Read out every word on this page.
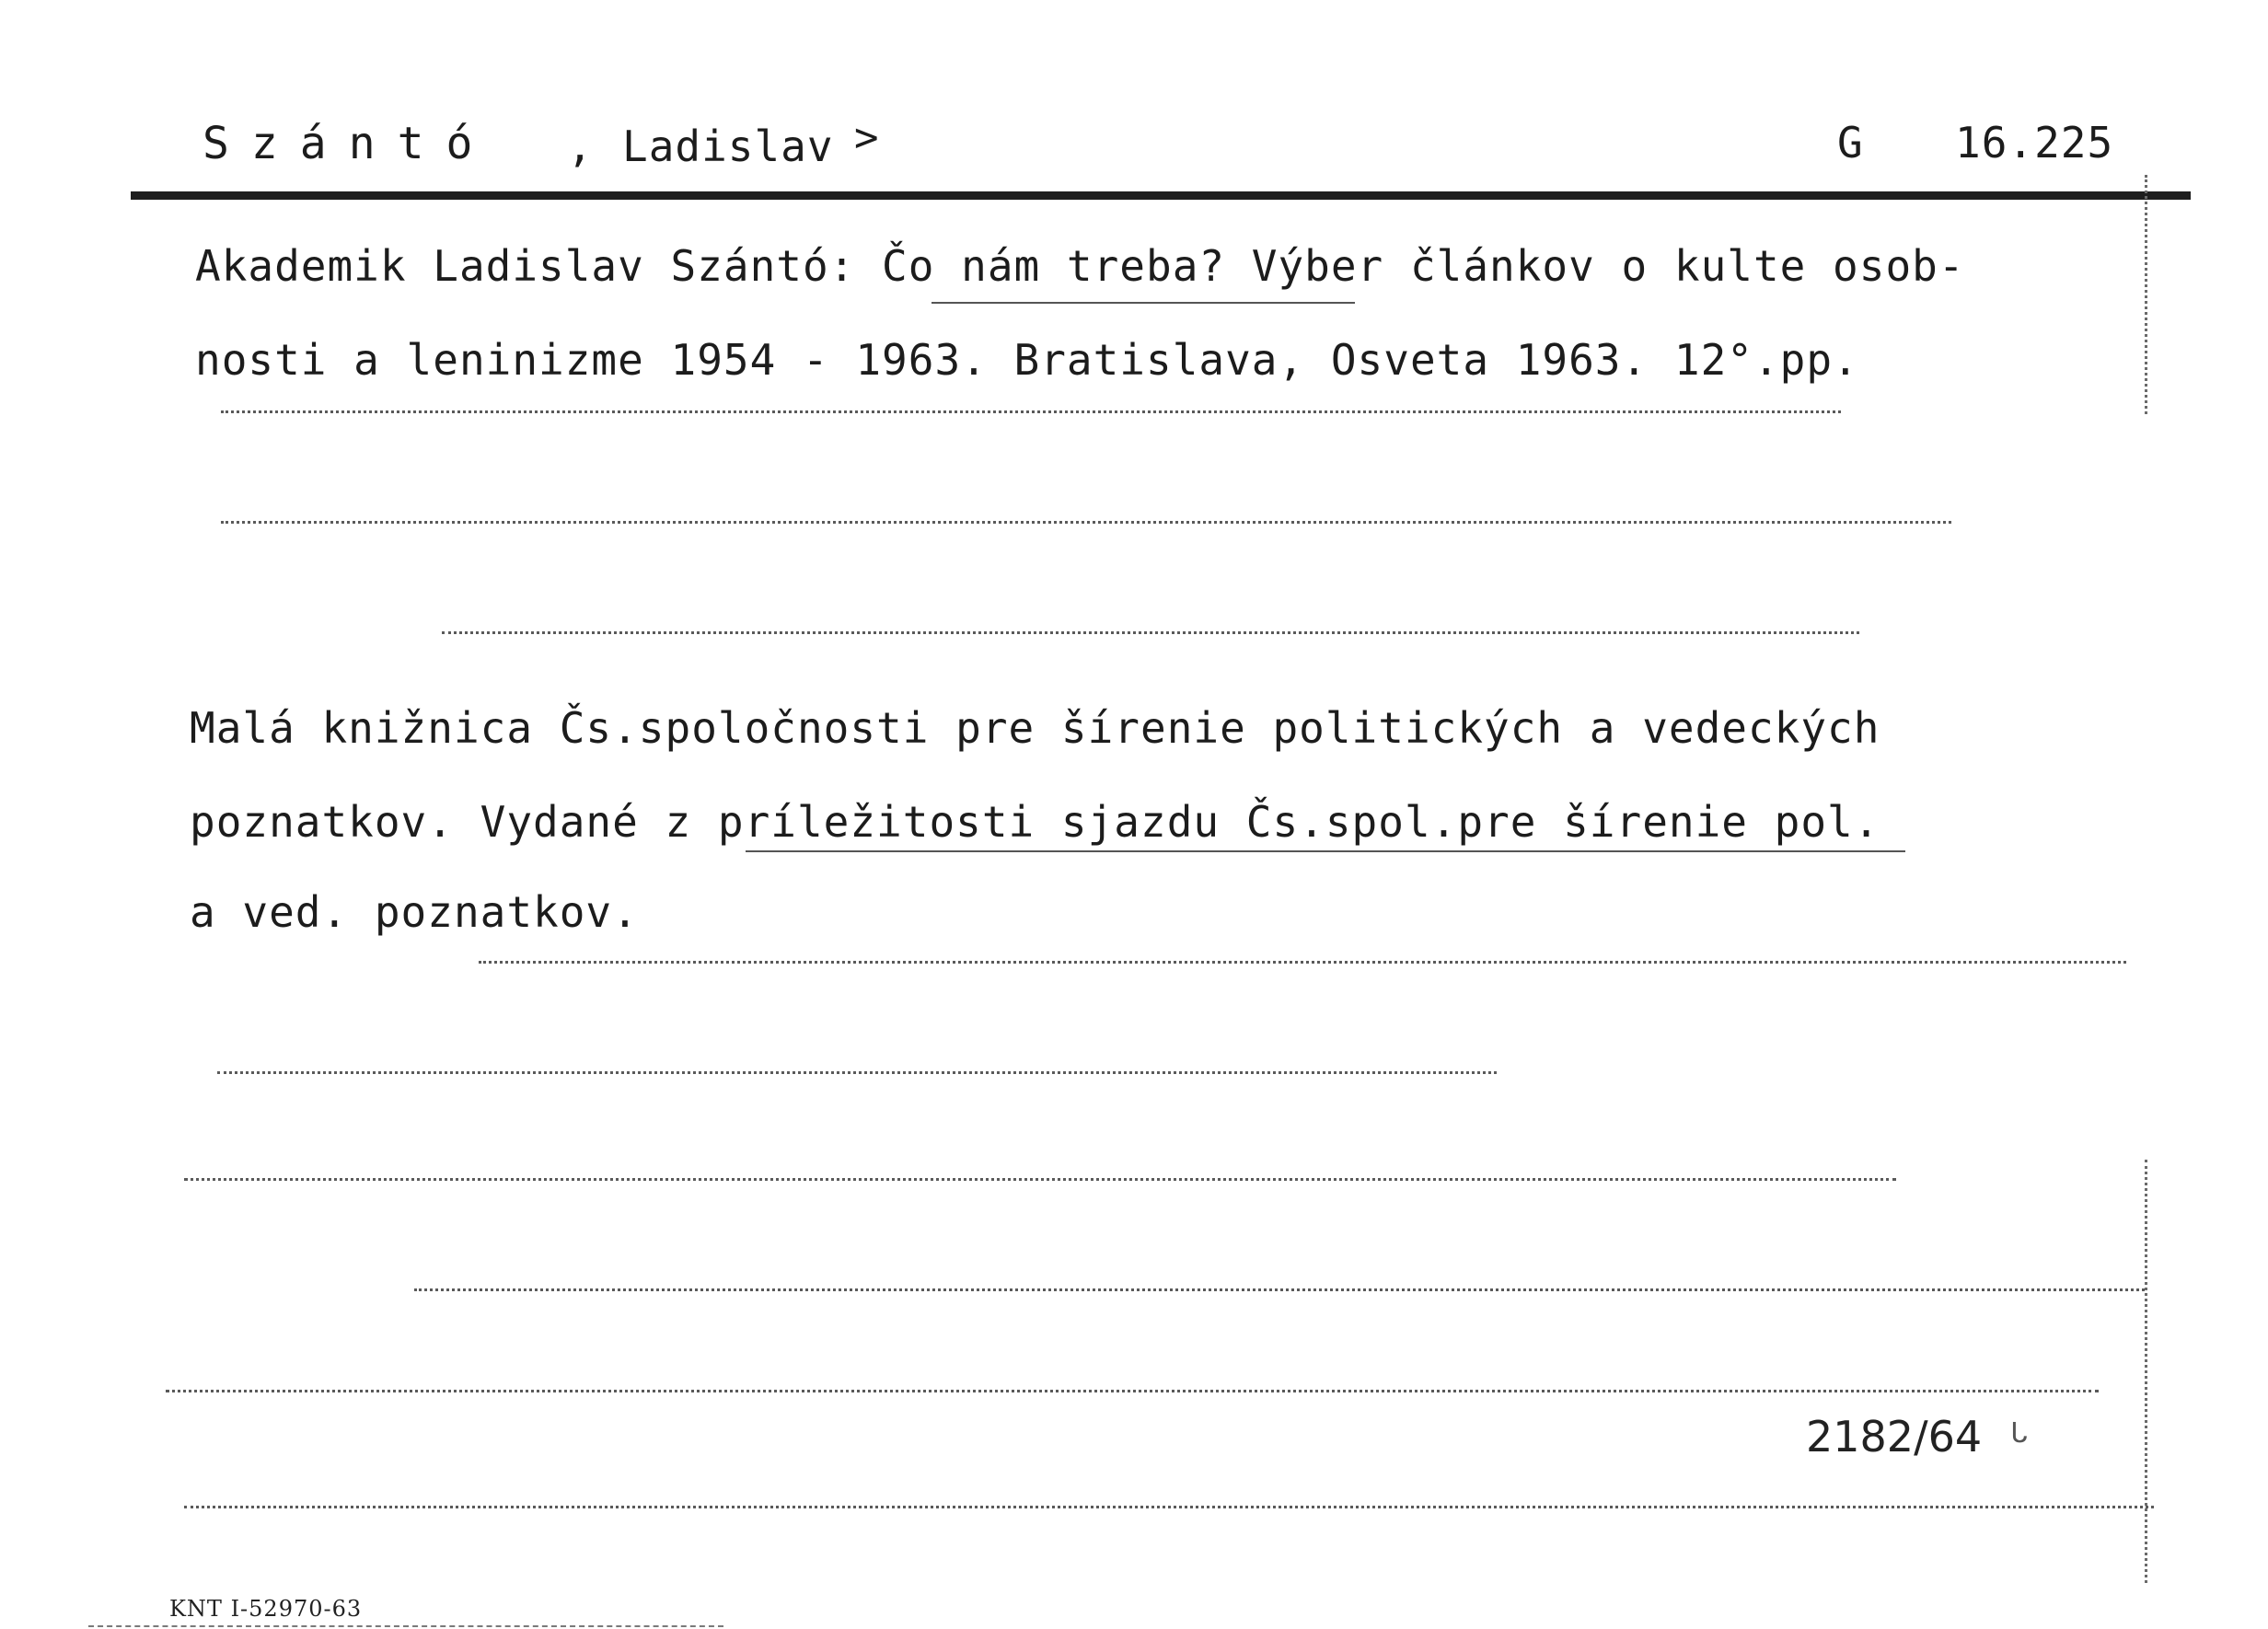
Szántó , Ladislav >	G 16.225
Akademik Ladislav Szántó: Čo nám treba? Výber článkov o kulte osob-
nosti a leninizme 1954 - 1963. Bratislava, Osveta 1963. 12°.pp.
Malá knižnica Čs.spoločnosti pre šírenie politických a vedeckých
poznatkov. Vydané z príležitosti sjazdu Čs.spol.pre šírenie pol.
a ved. poznatkov.
2182/64 ᒐ
KNT I-52970-63
